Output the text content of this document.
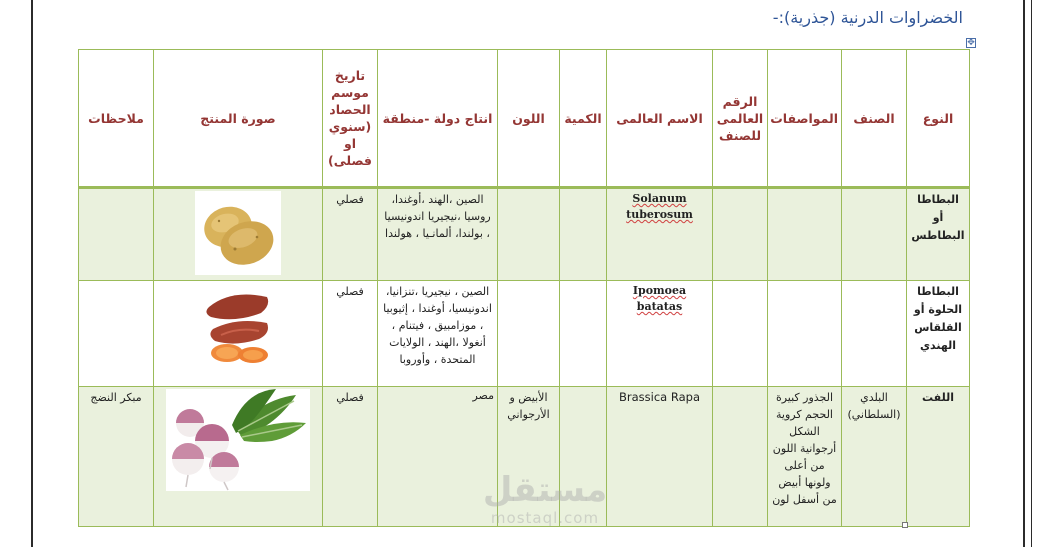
الخضراوات الدرنية (جذرية):-
✥
النوع	الصنف	المواصفات	الرقم العالمى للصنف	الاسم العالمى	الكمية	اللون	انتاج دولة -منطقة	تاريخ موسم الحصاد (سنوي او فصلى)	صورة المنتج	ملاحظات
البطاطا أو البطاطس				Solanum tuberosum			الصين ،الهند ،أوغندا، روسيا ،نيجيريا اندونيسيا ، بولندا، ألمانـيا ، هولندا	فصلي		
البطاطا الحلوة أو القلقاس الهندي				Ipomoea batatas			الصين ، نيجيريا ،تنزانيا، اندونيسيا، أوغندا ، إثيوبيا ، موزامبيق ، فيتنام ، أنغولا ،الهند ، الولايات المتحدة ، وأوروبا	فصلي		
اللفت	البلدي (السلطاني)	الجذور كبيرة الحجم كروية الشكل أرجوانية اللون من أعلى ولونها أبيض من أسفل لون		Brassica Rapa		الأبيض و الأرجواني	مصر	فصلي		مبكر النضج
مستقل
mostaql.com
